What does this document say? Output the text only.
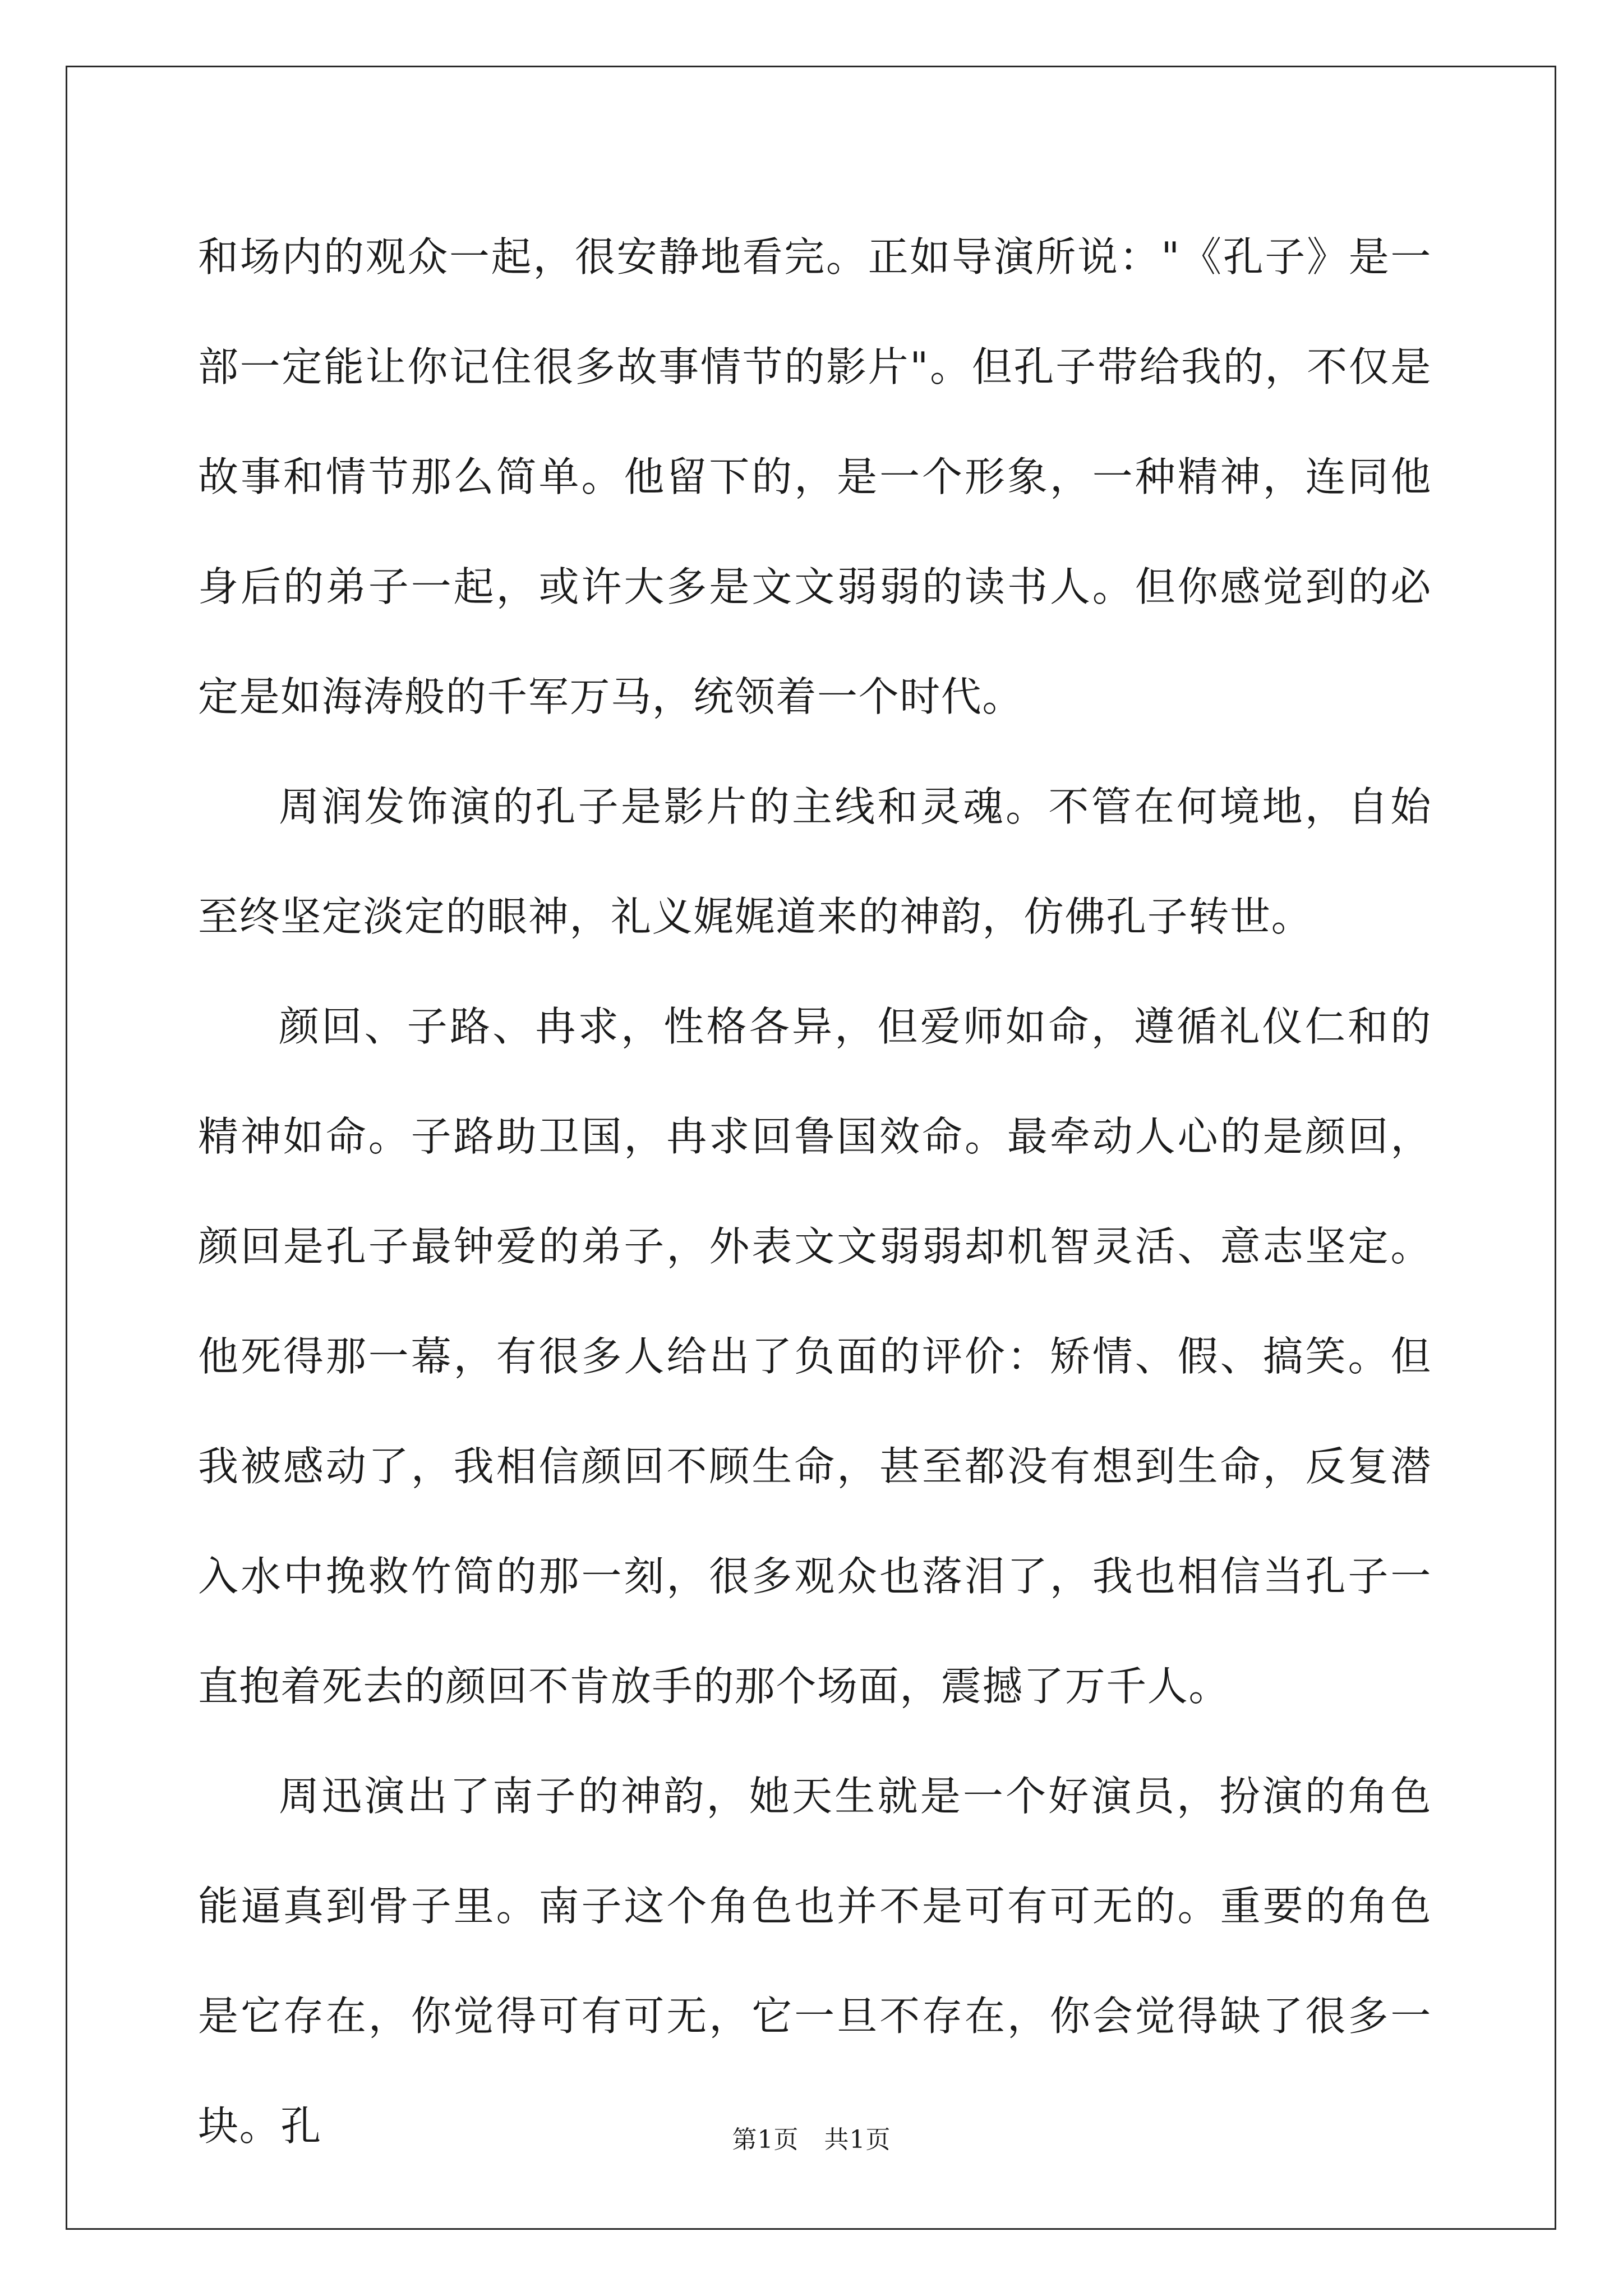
和场内的观众一起，很安静地看完。正如导演所说："《孔子》是一部一定能让你记住很多故事情节的影片"。但孔子带给我的，不仅是故事和情节那么简单。他留下的，是一个形象，一种精神，连同他身后的弟子一起，或许大多是文文弱弱的读书人。但你感觉到的必定是如海涛般的千军万马，统领着一个时代。

周润发饰演的孔子是影片的主线和灵魂。不管在何境地，自始至终坚定淡定的眼神，礼义娓娓道来的神韵，仿佛孔子转世。

颜回、子路、冉求，性格各异，但爱师如命，遵循礼仪仁和的精神如命。子路助卫国，冉求回鲁国效命。最牵动人心的是颜回，颜回是孔子最钟爱的弟子，外表文文弱弱却机智灵活、意志坚定。他死得那一幕，有很多人给出了负面的评价：矫情、假、搞笑。但我被感动了，我相信颜回不顾生命，甚至都没有想到生命，反复潜入水中挽救竹简的那一刻，很多观众也落泪了，我也相信当孔子一直抱着死去的颜回不肯放手的那个场面，震撼了万千人。

周迅演出了南子的神韵，她天生就是一个好演员，扮演的角色能逼真到骨子里。南子这个角色也并不是可有可无的。重要的角色是它存在，你觉得可有可无，它一旦不存在，你会觉得缺了很多一块。孔	第1页 共1页
